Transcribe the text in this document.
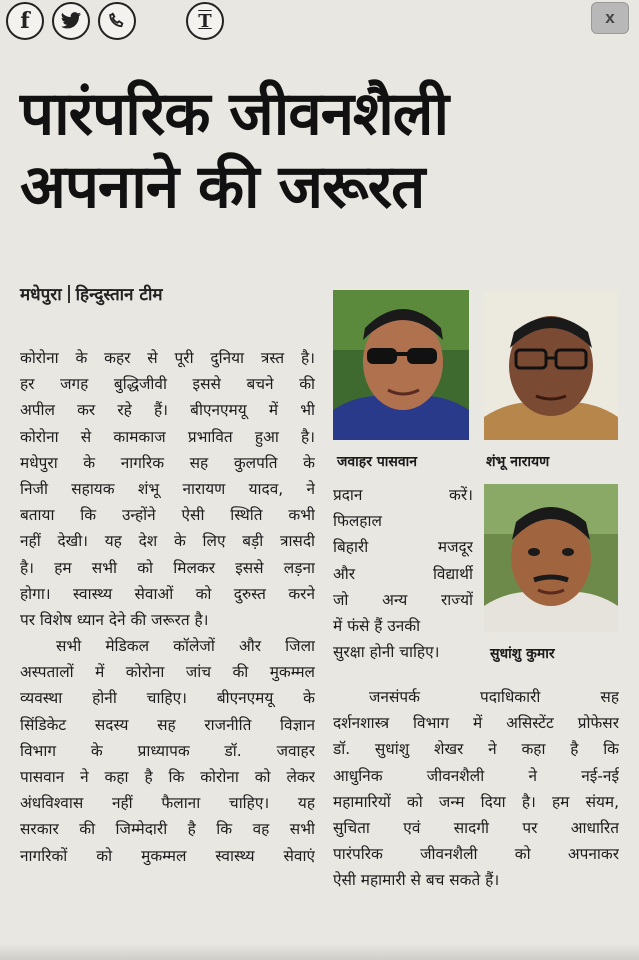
f	T	x
पारंपरिक जीवनशैली
अपनाने की जरूरत
मधेपुरा हिन्दुस्तान टीम
कोरोना के कहर से पूरी दुनिया त्रस्त है।
हर जगह बुद्धिजीवी इससे बचने की
अपील कर रहे हैं। बीएनएमयू में भी
कोरोना से कामकाज प्रभावित हुआ है।
मधेपुरा के नागरिक सह कुलपति के
निजी सहायक शंभू नारायण यादव, ने
बताया कि उन्होंने ऐसी स्थिति कभी
नहीं देखी। यह देश के लिए बड़ी त्रासदी
है। हम सभी को मिलकर इससे लड़ना
होगा। स्वास्थ्य सेवाओं को दुरुस्त करने
पर विशेष ध्यान देने की जरूरत है।
सभी मेडिकल कॉलेजों और जिला
अस्पतालों में कोरोना जांच की मुकम्मल
व्यवस्था होनी चाहिए। बीएनएमयू के
सिंडिकेट सदस्य सह राजनीति विज्ञान
विभाग के प्राध्यापक डॉ. जवाहर
पासवान ने कहा है कि कोरोना को लेकर
अंधविश्वास नहीं फैलाना चाहिए। यह
सरकार की जिम्मेदारी है कि वह सभी
नागरिकों को मुकम्मल स्वास्थ्य सेवाएं
जवाहर पासवान	शंभू नारायण
प्रदान करें।
फिलहाल
बिहारी मजदूर
और विद्यार्थी
जो अन्य राज्यों
में फंसे हैं उनकी
सुरक्षा होनी चाहिए।	सुधांशु कुमार
जनसंपर्क पदाधिकारी सह
दर्शनशास्त्र विभाग में असिस्टेंट प्रोफेसर
डॉ. सुधांशु शेखर ने कहा है कि
आधुनिक जीवनशैली ने नई-नई
महामारियों को जन्म दिया है। हम संयम,
सुचिता एवं सादगी पर आधारित
पारंपरिक जीवनशैली को अपनाकर
ऐसी महामारी से बच सकते हैं।
